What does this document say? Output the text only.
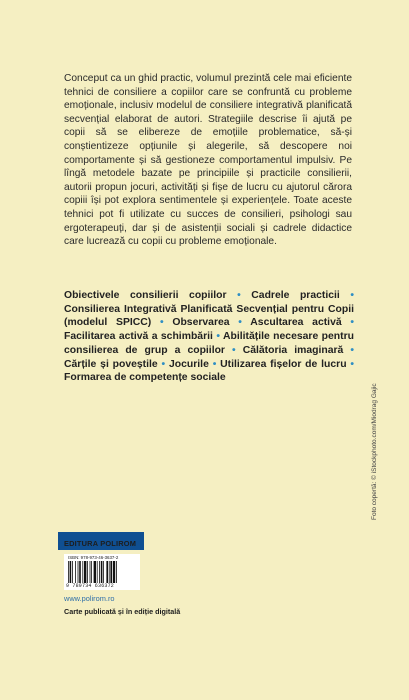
Conceput ca un ghid practic, volumul prezintă cele mai eficiente tehnici de consiliere a copiilor care se confruntă cu probleme emoționale, inclusiv modelul de consiliere integrativă planificată secvențial elaborat de autori. Strategiile descrise îi ajută pe copii să se elibereze de emoțiile problematice, să-și conștientizeze opțiunile și alegerile, să descopere noi comportamente și să gestioneze comportamentul impulsiv. Pe lîngă metodele bazate pe principiile și practicile consilierii, autorii propun jocuri, activități și fișe de lucru cu ajutorul cărora copiii își pot explora sentimentele și experiențele. Toate aceste tehnici pot fi utilizate cu succes de consilieri, psihologi sau ergoterapeuți, dar și de asistenții sociali și cadrele didactice care lucrează cu copii cu probleme emoționale.

Obiectivele consilierii copiilor • Cadrele practicii • Consilierea Integrativă Planificată Secvențial pentru Copii (modelul SPICC) • Observarea • Ascultarea activă • Facilitarea activă a schimbării • Abilitățile necesare pentru consilierea de grup a copiilor • Călătoria imaginară • Cărțile și poveștile • Jocurile • Utilizarea fișelor de lucru • Formarea de competențe sociale

Foto copertă: © iStockphoto.com/Miodrag Gajic
EDITURA POLIROM
ISBN: 978-973-46-3637-2
9 789734 636372
www.polirom.ro
Carte publicată și în ediție digitală
